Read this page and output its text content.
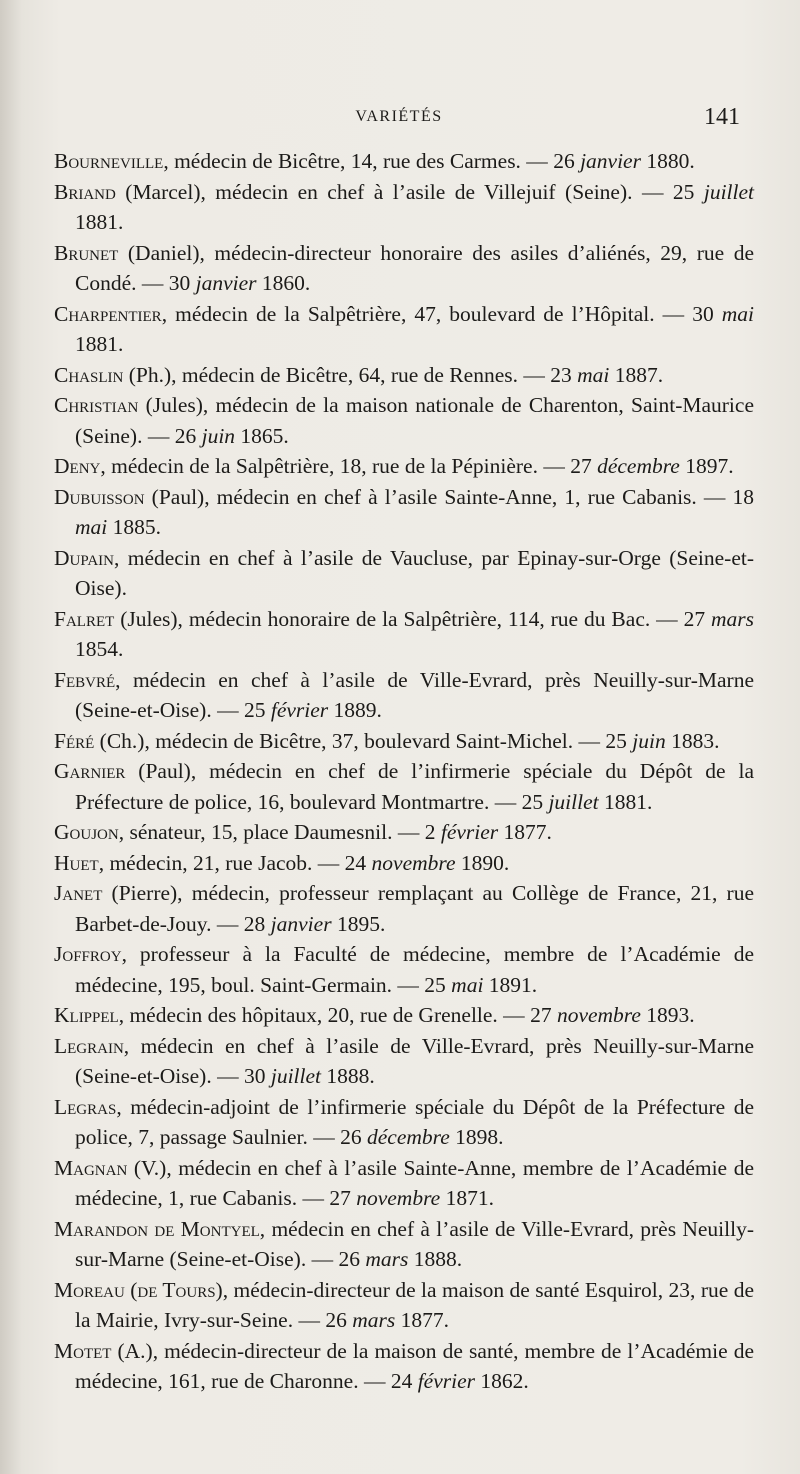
VARIÉTÉS	141

Bourneville, médecin de Bicêtre, 14, rue des Carmes. — 26 janvier 1880.

Briand (Marcel), médecin en chef à l’asile de Villejuif (Seine). — 25 juillet 1881.

Brunet (Daniel), médecin-directeur honoraire des asiles d’aliénés, 29, rue de Condé. — 30 janvier 1860.

Charpentier, médecin de la Salpêtrière, 47, boulevard de l’Hôpital. — 30 mai 1881.

Chaslin (Ph.), médecin de Bicêtre, 64, rue de Rennes. — 23 mai 1887.

Christian (Jules), médecin de la maison nationale de Charenton, Saint-Maurice (Seine). — 26 juin 1865.

Deny, médecin de la Salpêtrière, 18, rue de la Pépinière. — 27 décembre 1897.

Dubuisson (Paul), médecin en chef à l’asile Sainte-Anne, 1, rue Cabanis. — 18 mai 1885.

Dupain, médecin en chef à l’asile de Vaucluse, par Epinay-sur-Orge (Seine-et-Oise).

Falret (Jules), médecin honoraire de la Salpêtrière, 114, rue du Bac. — 27 mars 1854.

Febvré, médecin en chef à l’asile de Ville-Evrard, près Neuilly-sur-Marne (Seine-et-Oise). — 25 février 1889.

Féré (Ch.), médecin de Bicêtre, 37, boulevard Saint-Michel. — 25 juin 1883.

Garnier (Paul), médecin en chef de l’infirmerie spéciale du Dépôt de la Préfecture de police, 16, boulevard Montmartre. — 25 juillet 1881.

Goujon, sénateur, 15, place Daumesnil. — 2 février 1877.

Huet, médecin, 21, rue Jacob. — 24 novembre 1890.

Janet (Pierre), médecin, professeur remplaçant au Collège de France, 21, rue Barbet-de-Jouy. — 28 janvier 1895.

Joffroy, professeur à la Faculté de médecine, membre de l’Académie de médecine, 195, boul. Saint-Germain. — 25 mai 1891.

Klippel, médecin des hôpitaux, 20, rue de Grenelle. — 27 novembre 1893.

Legrain, médecin en chef à l’asile de Ville-Evrard, près Neuilly-sur-Marne (Seine-et-Oise). — 30 juillet 1888.

Legras, médecin-adjoint de l’infirmerie spéciale du Dépôt de la Préfecture de police, 7, passage Saulnier. — 26 décembre 1898.

Magnan (V.), médecin en chef à l’asile Sainte-Anne, membre de l’Académie de médecine, 1, rue Cabanis. — 27 novembre 1871.

Marandon de Montyel, médecin en chef à l’asile de Ville-Evrard, près Neuilly-sur-Marne (Seine-et-Oise). — 26 mars 1888.

Moreau (de Tours), médecin-directeur de la maison de santé Esquirol, 23, rue de la Mairie, Ivry-sur-Seine. — 26 mars 1877.

Motet (A.), médecin-directeur de la maison de santé, membre de l’Académie de médecine, 161, rue de Charonne. — 24 février 1862.
